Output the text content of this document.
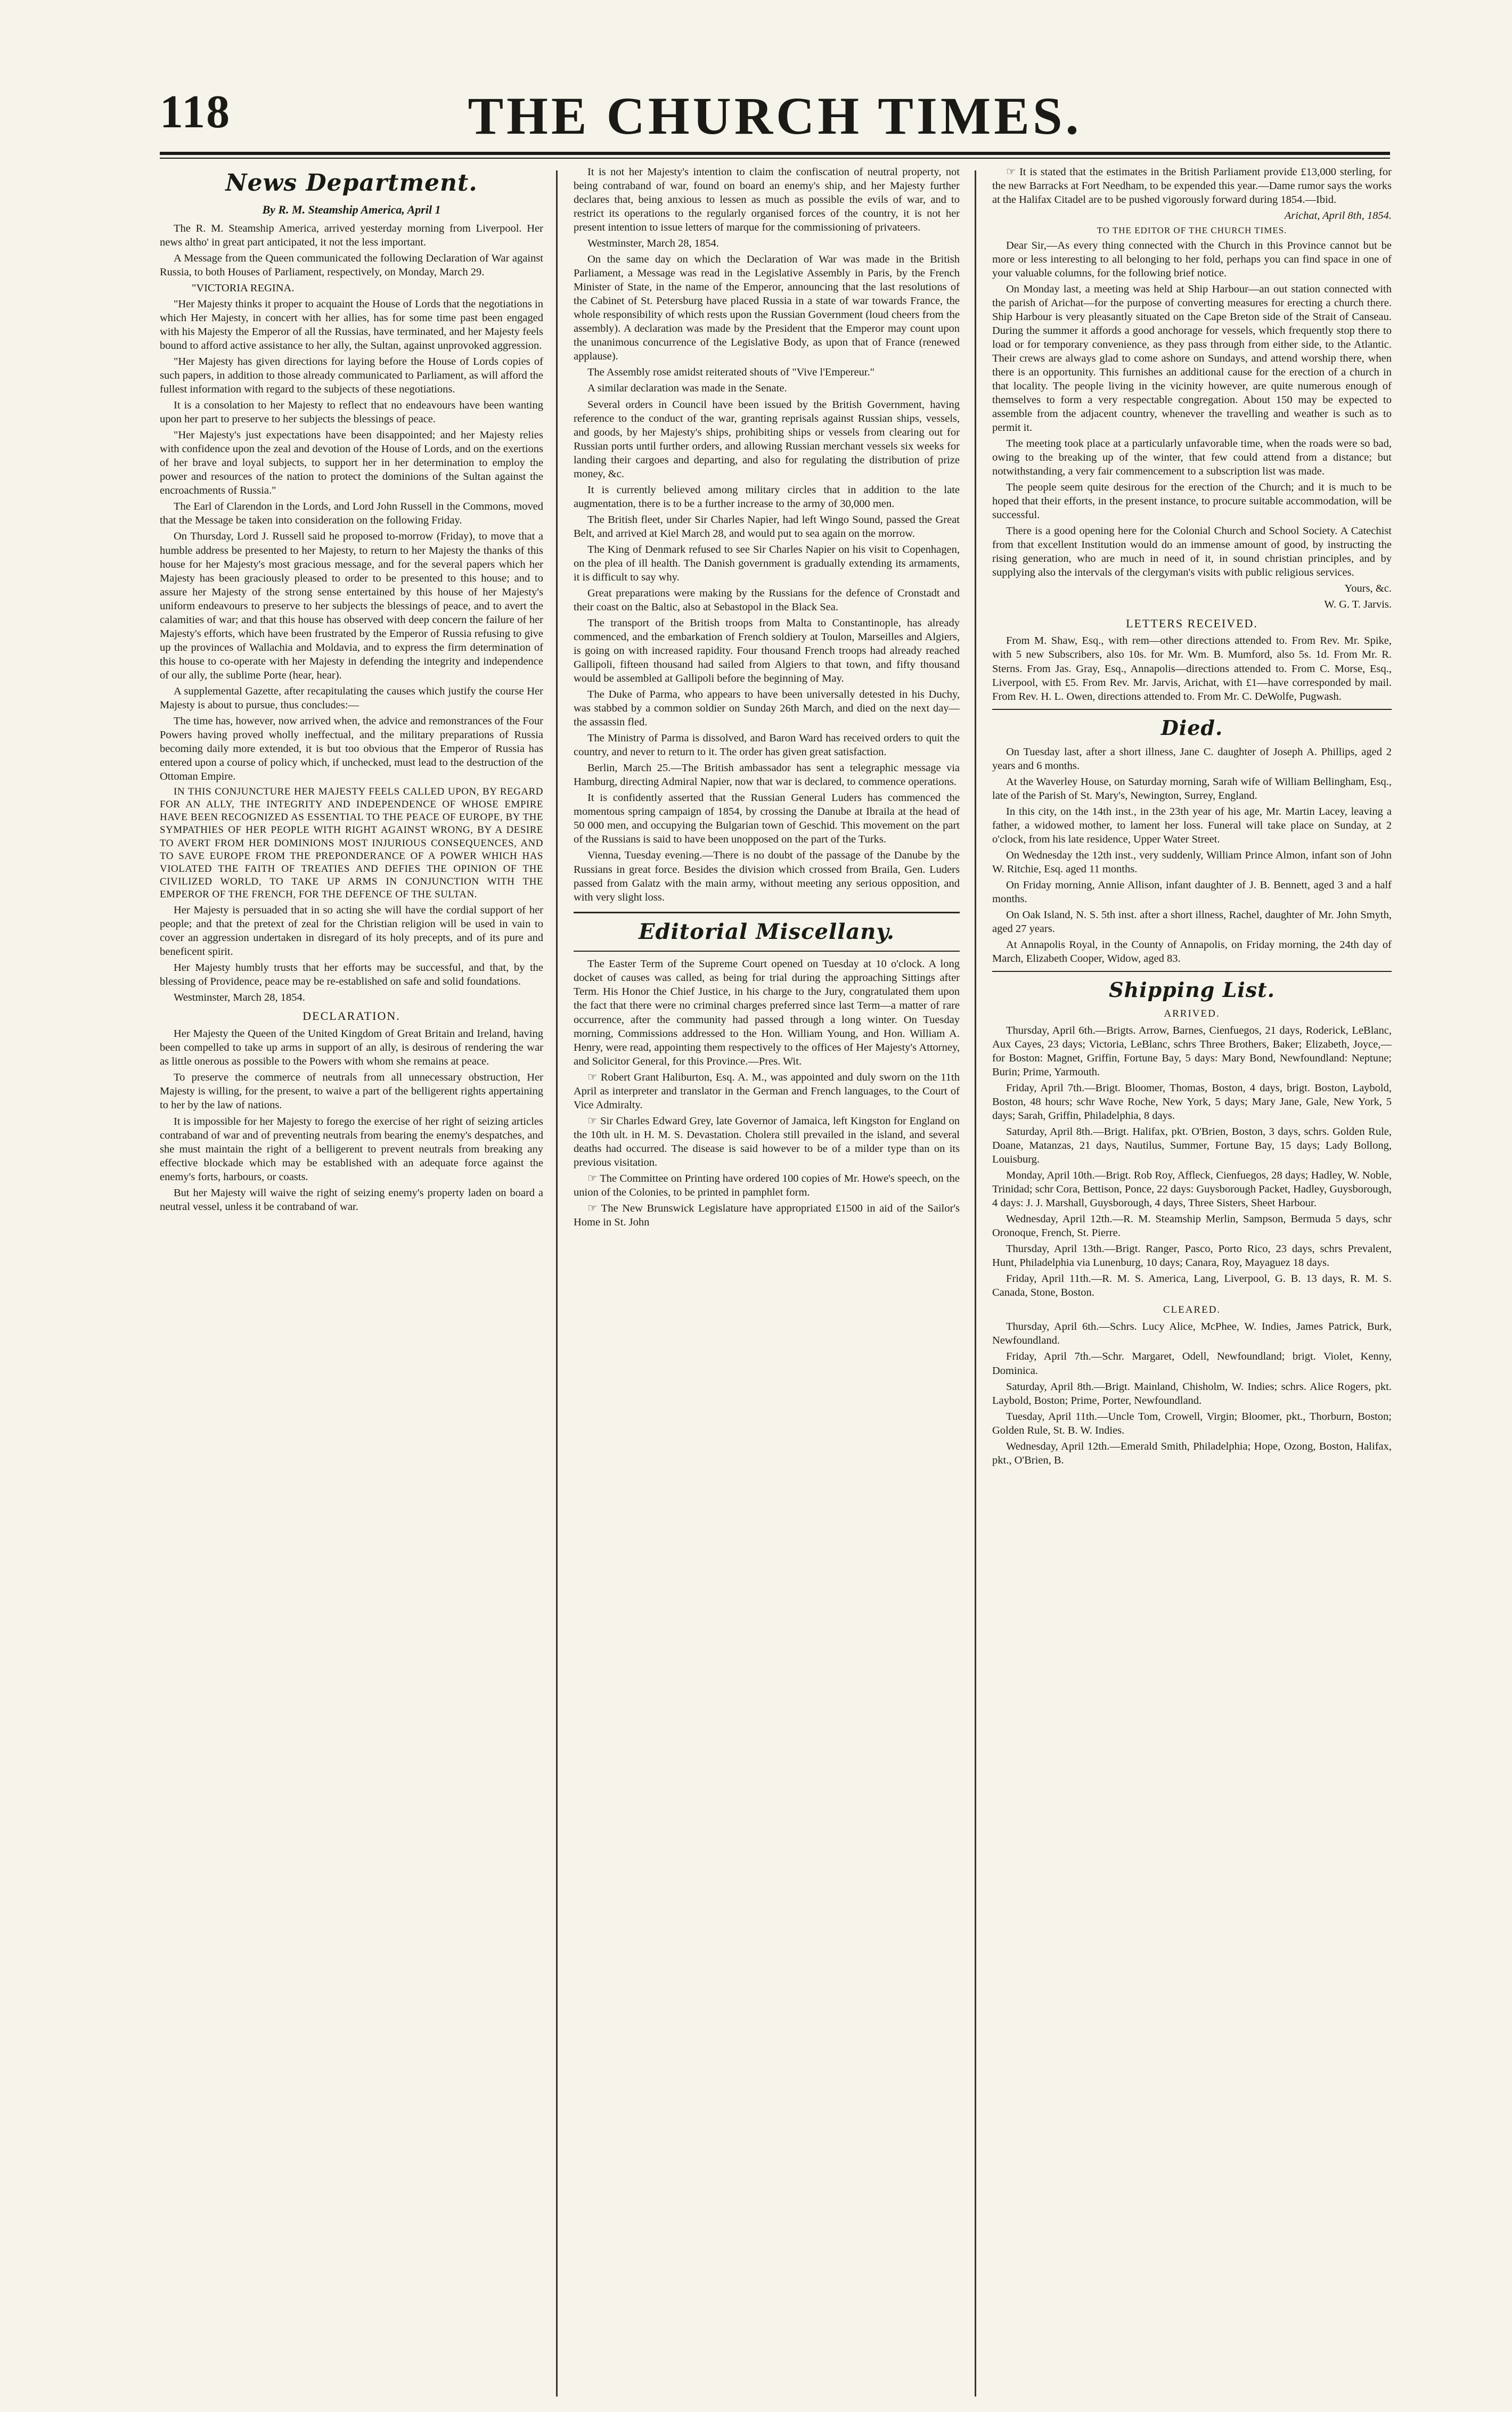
118	THE CHURCH TIMES.
News Department.
By R. M. Steamship America, April 1

The R. M. Steamship America, arrived yesterday morning from Liverpool. Her news altho' in great part anticipated, it not the less important.

A Message from the Queen communicated the following Declaration of War against Russia, to both Houses of Parliament, respectively, on Monday, March 29.

"VICTORIA REGINA.

"Her Majesty thinks it proper to acquaint the House of Lords that the negotiations in which Her Majesty, in concert with her allies, has for some time past been engaged with his Majesty the Emperor of all the Russias, have terminated, and her Majesty feels bound to afford active assistance to her ally, the Sultan, against unprovoked aggression.

"Her Majesty has given directions for laying before the House of Lords copies of such papers, in addition to those already communicated to Parliament, as will afford the fullest information with regard to the subjects of these negotiations.

It is a consolation to her Majesty to reflect that no endeavours have been wanting upon her part to preserve to her subjects the blessings of peace.

"Her Majesty's just expectations have been disappointed; and her Majesty relies with confidence upon the zeal and devotion of the House of Lords, and on the exertions of her brave and loyal subjects, to support her in her determination to employ the power and resources of the nation to protect the dominions of the Sultan against the encroachments of Russia."

The Earl of Clarendon in the Lords, and Lord John Russell in the Commons, moved that the Message be taken into consideration on the following Friday.

On Thursday, Lord J. Russell said he proposed to-morrow (Friday), to move that a humble address be presented to her Majesty, to return to her Majesty the thanks of this house for her Majesty's most gracious message, and for the several papers which her Majesty has been graciously pleased to order to be presented to this house; and to assure her Majesty of the strong sense entertained by this house of her Majesty's uniform endeavours to preserve to her subjects the blessings of peace, and to avert the calamities of war; and that this house has observed with deep concern the failure of her Majesty's efforts, which have been frustrated by the Emperor of Russia refusing to give up the provinces of Wallachia and Moldavia, and to express the firm determination of this house to co-operate with her Majesty in defending the integrity and independence of our ally, the sublime Porte (hear, hear).

A supplemental Gazette, after recapitulating the causes which justify the course Her Majesty is about to pursue, thus concludes:—

The time has, however, now arrived when, the advice and remonstrances of the Four Powers having proved wholly ineffectual, and the military preparations of Russia becoming daily more extended, it is but too obvious that the Emperor of Russia has entered upon a course of policy which, if unchecked, must lead to the destruction of the Ottoman Empire.

IN THIS CONJUNCTURE HER MAJESTY FEELS CALLED UPON, BY REGARD FOR AN ALLY, THE INTEGRITY AND INDEPENDENCE OF WHOSE EMPIRE HAVE BEEN RECOGNIZED AS ESSENTIAL TO THE PEACE OF EUROPE, BY THE SYMPATHIES OF HER PEOPLE WITH RIGHT AGAINST WRONG, BY A DESIRE TO AVERT FROM HER DOMINIONS MOST INJURIOUS CONSEQUENCES, AND TO SAVE EUROPE FROM THE PREPONDERANCE OF A POWER WHICH HAS VIOLATED THE FAITH OF TREATIES AND DEFIES THE OPINION OF THE CIVILIZED WORLD, TO TAKE UP ARMS IN CONJUNCTION WITH THE EMPEROR OF THE FRENCH, FOR THE DEFENCE OF THE SULTAN.

Her Majesty is persuaded that in so acting she will have the cordial support of her people; and that the pretext of zeal for the Christian religion will be used in vain to cover an aggression undertaken in disregard of its holy precepts, and of its pure and beneficent spirit.

Her Majesty humbly trusts that her efforts may be successful, and that, by the blessing of Providence, peace may be re-established on safe and solid foundations.

Westminster, March 28, 1854.

DECLARATION.

Her Majesty the Queen of the United Kingdom of Great Britain and Ireland, having been compelled to take up arms in support of an ally, is desirous of rendering the war as little onerous as possible to the Powers with whom she remains at peace.

To preserve the commerce of neutrals from all unnecessary obstruction, Her Majesty is willing, for the present, to waive a part of the belligerent rights appertaining to her by the law of nations.

It is impossible for her Majesty to forego the exercise of her right of seizing articles contraband of war and of preventing neutrals from bearing the enemy's despatches, and she must maintain the right of a belligerent to prevent neutrals from breaking any effective blockade which may be established with an adequate force against the enemy's forts, harbours, or coasts.

But her Majesty will waive the right of seizing enemy's property laden on board a neutral vessel, unless it be contraband of war.

It is not her Majesty's intention to claim the confiscation of neutral property, not being contraband of war, found on board an enemy's ship, and her Majesty further declares that, being anxious to lessen as much as possible the evils of war, and to restrict its operations to the regularly organised forces of the country, it is not her present intention to issue letters of marque for the commissioning of privateers.

Westminster, March 28, 1854.

On the same day on which the Declaration of War was made in the British Parliament, a Message was read in the Legislative Assembly in Paris, by the French Minister of State, in the name of the Emperor, announcing that the last resolutions of the Cabinet of St. Petersburg have placed Russia in a state of war towards France, the whole responsibility of which rests upon the Russian Government (loud cheers from the assembly). A declaration was made by the President that the Emperor may count upon the unanimous concurrence of the Legislative Body, as upon that of France (renewed applause).

The Assembly rose amidst reiterated shouts of "Vive l'Empereur."

A similar declaration was made in the Senate.

Several orders in Council have been issued by the British Government, having reference to the conduct of the war, granting reprisals against Russian ships, vessels, and goods, by her Majesty's ships, prohibiting ships or vessels from clearing out for Russian ports until further orders, and allowing Russian merchant vessels six weeks for landing their cargoes and departing, and also for regulating the distribution of prize money, &c.

It is currently believed among military circles that in addition to the late augmentation, there is to be a further increase to the army of 30,000 men.

The British fleet, under Sir Charles Napier, had left Wingo Sound, passed the Great Belt, and arrived at Kiel March 28, and would put to sea again on the morrow.

The King of Denmark refused to see Sir Charles Napier on his visit to Copenhagen, on the plea of ill health. The Danish government is gradually extending its armaments, it is difficult to say why.

Great preparations were making by the Russians for the defence of Cronstadt and their coast on the Baltic, also at Sebastopol in the Black Sea.

The transport of the British troops from Malta to Constantinople, has already commenced, and the embarkation of French soldiery at Toulon, Marseilles and Algiers, is going on with increased rapidity. Four thousand French troops had already reached Gallipoli, fifteen thousand had sailed from Algiers to that town, and fifty thousand would be assembled at Gallipoli before the beginning of May.

The Duke of Parma, who appears to have been universally detested in his Duchy, was stabbed by a common soldier on Sunday 26th March, and died on the next day—the assassin fled.

The Ministry of Parma is dissolved, and Baron Ward has received orders to quit the country, and never to return to it. The order has given great satisfaction.

Berlin, March 25.—The British ambassador has sent a telegraphic message via Hamburg, directing Admiral Napier, now that war is declared, to commence operations.

It is confidently asserted that the Russian General Luders has commenced the momentous spring campaign of 1854, by crossing the Danube at Ibraila at the head of 50 000 men, and occupying the Bulgarian town of Geschid. This movement on the part of the Russians is said to have been unopposed on the part of the Turks.

Vienna, Tuesday evening.—There is no doubt of the passage of the Danube by the Russians in great force. Besides the division which crossed from Braila, Gen. Luders passed from Galatz with the main army, without meeting any serious opposition, and with very slight loss.

Editorial Miscellany.

The Easter Term of the Supreme Court opened on Tuesday at 10 o'clock. A long docket of causes was called, as being for trial during the approaching Sittings after Term. His Honor the Chief Justice, in his charge to the Jury, congratulated them upon the fact that there were no criminal charges preferred since last Term—a matter of rare occurrence, after the community had passed through a long winter. On Tuesday morning, Commissions addressed to the Hon. William Young, and Hon. William A. Henry, were read, appointing them respectively to the offices of Her Majesty's Attorney, and Solicitor General, for this Province.—Pres. Wit.

☞ Robert Grant Haliburton, Esq. A. M., was appointed and duly sworn on the 11th April as interpreter and translator in the German and French languages, to the Court of Vice Admiralty.

☞ Sir Charles Edward Grey, late Governor of Jamaica, left Kingston for England on the 10th ult. in H. M. S. Devastation. Cholera still prevailed in the island, and several deaths had occurred. The disease is said however to be of a milder type than on its previous visitation.

☞ The Committee on Printing have ordered 100 copies of Mr. Howe's speech, on the union of the Colonies, to be printed in pamphlet form.

☞ The New Brunswick Legislature have appropriated £1500 in aid of the Sailor's Home in St. John

☞ It is stated that the estimates in the British Parliament provide £13,000 sterling, for the new Barracks at Fort Needham, to be expended this year.—Dame rumor says the works at the Halifax Citadel are to be pushed vigorously forward during 1854.—Ibid.

Arichat, April 8th, 1854.

TO THE EDITOR OF THE CHURCH TIMES.

Dear Sir,—As every thing connected with the Church in this Province cannot but be more or less interesting to all belonging to her fold, perhaps you can find space in one of your valuable columns, for the following brief notice.

On Monday last, a meeting was held at Ship Harbour—an out station connected with the parish of Arichat—for the purpose of converting measures for erecting a church there. Ship Harbour is very pleasantly situated on the Cape Breton side of the Strait of Canseau. During the summer it affords a good anchorage for vessels, which frequently stop there to load or for temporary convenience, as they pass through from either side, to the Atlantic. Their crews are always glad to come ashore on Sundays, and attend worship there, when there is an opportunity. This furnishes an additional cause for the erection of a church in that locality. The people living in the vicinity however, are quite numerous enough of themselves to form a very respectable congregation. About 150 may be expected to assemble from the adjacent country, whenever the travelling and weather is such as to permit it.

The meeting took place at a particularly unfavorable time, when the roads were so bad, owing to the breaking up of the winter, that few could attend from a distance; but notwithstanding, a very fair commencement to a subscription list was made.

The people seem quite desirous for the erection of the Church; and it is much to be hoped that their efforts, in the present instance, to procure suitable accommodation, will be successful.

There is a good opening here for the Colonial Church and School Society. A Catechist from that excellent Institution would do an immense amount of good, by instructing the rising generation, who are much in need of it, in sound christian principles, and by supplying also the intervals of the clergyman's visits with public religious services.

Yours, &c.

W. G. T. Jarvis.

LETTERS RECEIVED.

From M. Shaw, Esq., with rem—other directions attended to. From Rev. Mr. Spike, with 5 new Subscribers, also 10s. for Mr. Wm. B. Mumford, also 5s. 1d. From Mr. R. Sterns. From Jas. Gray, Esq., Annapolis—directions attended to. From C. Morse, Esq., Liverpool, with £5. From Rev. Mr. Jarvis, Arichat, with £1—have corresponded by mail. From Rev. H. L. Owen, directions attended to. From Mr. C. DeWolfe, Pugwash.

Died.

On Tuesday last, after a short illness, Jane C. daughter of Joseph A. Phillips, aged 2 years and 6 months.

At the Waverley House, on Saturday morning, Sarah wife of William Bellingham, Esq., late of the Parish of St. Mary's, Newington, Surrey, England.

In this city, on the 14th inst., in the 23th year of his age, Mr. Martin Lacey, leaving a father, a widowed mother, to lament her loss. Funeral will take place on Sunday, at 2 o'clock, from his late residence, Upper Water Street.

On Wednesday the 12th inst., very suddenly, William Prince Almon, infant son of John W. Ritchie, Esq. aged 11 months.

On Friday morning, Annie Allison, infant daughter of J. B. Bennett, aged 3 and a half months.

On Oak Island, N. S. 5th inst. after a short illness, Rachel, daughter of Mr. John Smyth, aged 27 years.

At Annapolis Royal, in the County of Annapolis, on Friday morning, the 24th day of March, Elizabeth Cooper, Widow, aged 83.

Shipping List.
ARRIVED.

Thursday, April 6th.—Brigts. Arrow, Barnes, Cienfuegos, 21 days, Roderick, LeBlanc, Aux Cayes, 23 days; Victoria, LeBlanc, schrs Three Brothers, Baker; Elizabeth, Joyce,—for Boston: Magnet, Griffin, Fortune Bay, 5 days: Mary Bond, Newfoundland: Neptune; Burin; Prime, Yarmouth.

Friday, April 7th.—Brigt. Bloomer, Thomas, Boston, 4 days, brigt. Boston, Laybold, Boston, 48 hours; schr Wave Roche, New York, 5 days; Mary Jane, Gale, New York, 5 days; Sarah, Griffin, Philadelphia, 8 days.

Saturday, April 8th.—Brigt. Halifax, pkt. O'Brien, Boston, 3 days, schrs. Golden Rule, Doane, Matanzas, 21 days, Nautilus, Summer, Fortune Bay, 15 days; Lady Bollong, Louisburg.

Monday, April 10th.—Brigt. Rob Roy, Affleck, Cienfuegos, 28 days; Hadley, W. Noble, Trinidad; schr Cora, Bettison, Ponce, 22 days: Guysborough Packet, Hadley, Guysborough, 4 days: J. J. Marshall, Guysborough, 4 days, Three Sisters, Sheet Harbour.

Wednesday, April 12th.—R. M. Steamship Merlin, Sampson, Bermuda 5 days, schr Oronoque, French, St. Pierre.

Thursday, April 13th.—Brigt. Ranger, Pasco, Porto Rico, 23 days, schrs Prevalent, Hunt, Philadelphia via Lunenburg, 10 days; Canara, Roy, Mayaguez 18 days.

Friday, April 11th.—R. M. S. America, Lang, Liverpool, G. B. 13 days, R. M. S. Canada, Stone, Boston.

CLEARED.

Thursday, April 6th.—Schrs. Lucy Alice, McPhee, W. Indies, James Patrick, Burk, Newfoundland.

Friday, April 7th.—Schr. Margaret, Odell, Newfoundland; brigt. Violet, Kenny, Dominica.

Saturday, April 8th.—Brigt. Mainland, Chisholm, W. Indies; schrs. Alice Rogers, pkt. Laybold, Boston; Prime, Porter, Newfoundland.

Tuesday, April 11th.—Uncle Tom, Crowell, Virgin; Bloomer, pkt., Thorburn, Boston; Golden Rule, St. B. W. Indies.

Wednesday, April 12th.—Emerald Smith, Philadelphia; Hope, Ozong, Boston, Halifax, pkt., O'Brien, B.
